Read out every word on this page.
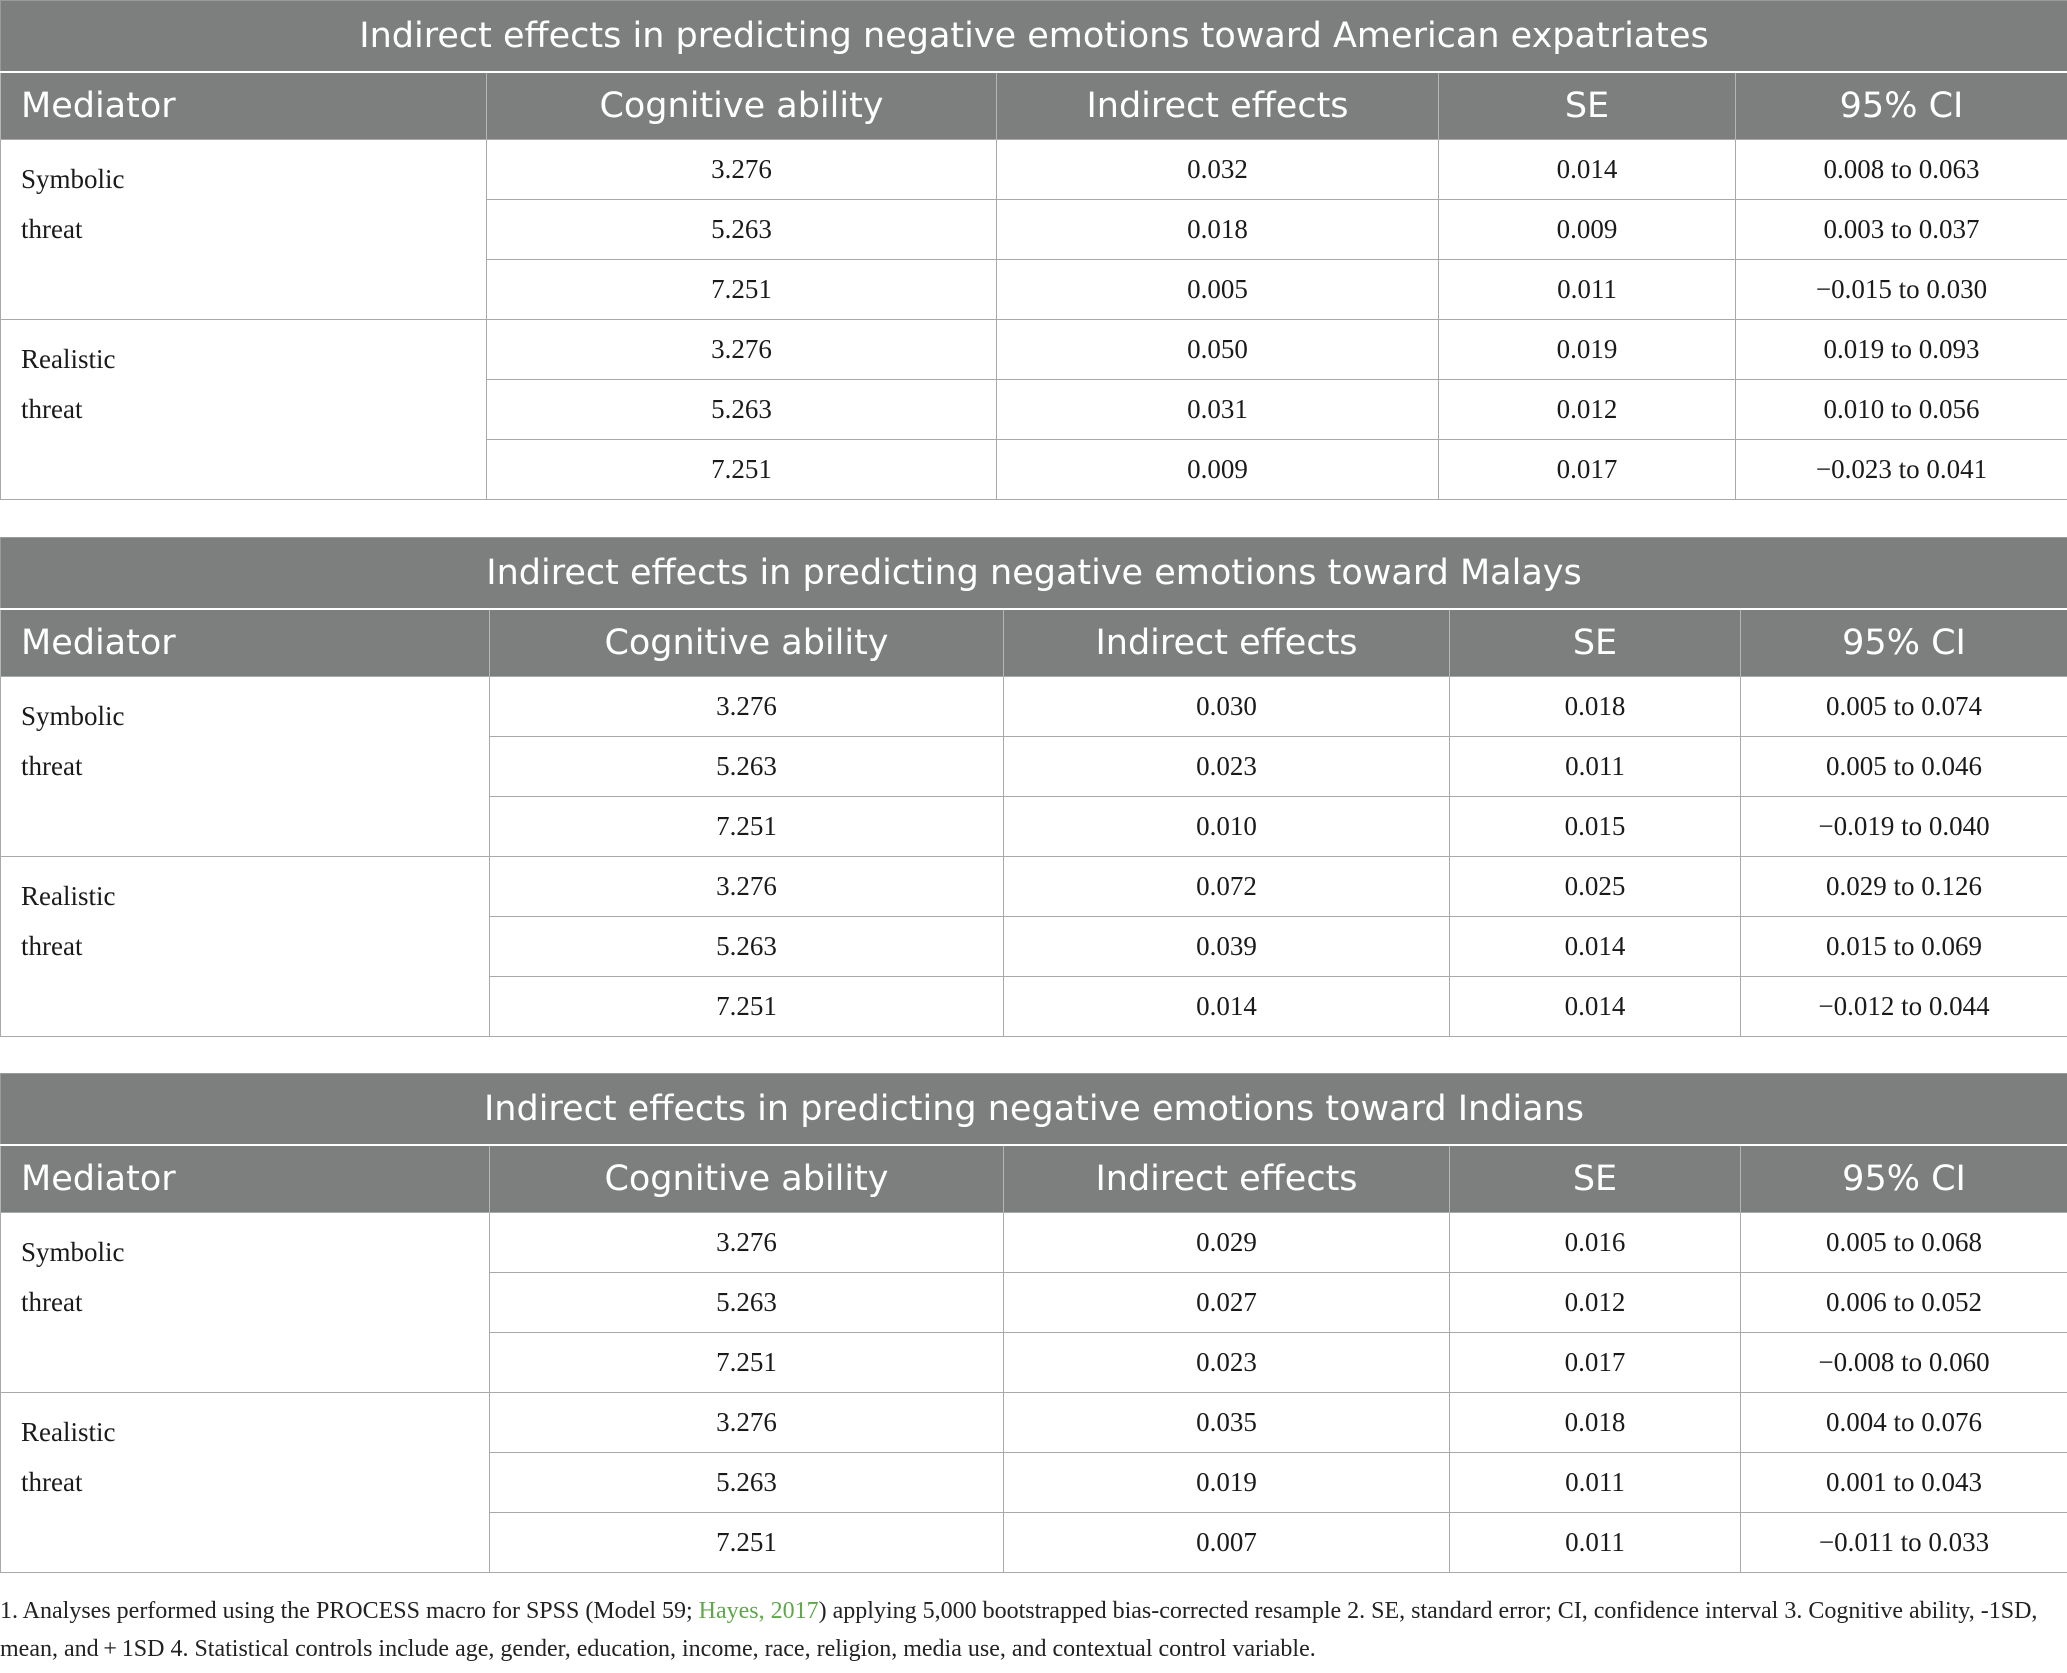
Indirect effects in predicting negative emotions toward American expatriates				
Mediator	Cognitive ability	Indirect effects	SE	95% CI
Symbolic
threat	3.276	0.032	0.014	0.008 to 0.063
	5.263	0.018	0.009	0.003 to 0.037
	7.251	0.005	0.011	−0.015 to 0.030
Realistic
threat	3.276	0.050	0.019	0.019 to 0.093
	5.263	0.031	0.012	0.010 to 0.056
	7.251	0.009	0.017	−0.023 to 0.041
Indirect effects in predicting negative emotions toward Malays				
Mediator	Cognitive ability	Indirect effects	SE	95% CI
Symbolic
threat	3.276	0.030	0.018	0.005 to 0.074
	5.263	0.023	0.011	0.005 to 0.046
	7.251	0.010	0.015	−0.019 to 0.040
Realistic
threat	3.276	0.072	0.025	0.029 to 0.126
	5.263	0.039	0.014	0.015 to 0.069
	7.251	0.014	0.014	−0.012 to 0.044
Indirect effects in predicting negative emotions toward Indians				
Mediator	Cognitive ability	Indirect effects	SE	95% CI
Symbolic
threat	3.276	0.029	0.016	0.005 to 0.068
	5.263	0.027	0.012	0.006 to 0.052
	7.251	0.023	0.017	−0.008 to 0.060
Realistic
threat	3.276	0.035	0.018	0.004 to 0.076
	5.263	0.019	0.011	0.001 to 0.043
	7.251	0.007	0.011	−0.011 to 0.033
1. Analyses performed using the PROCESS macro for SPSS (Model 59; Hayes, 2017) applying 5,000 bootstrapped bias-corrected resample 2. SE, standard error; CI, confidence interval 3. Cognitive ability, -1SD, mean, and + 1SD 4. Statistical controls include age, gender, education, income, race, religion, media use, and contextual control variable.
